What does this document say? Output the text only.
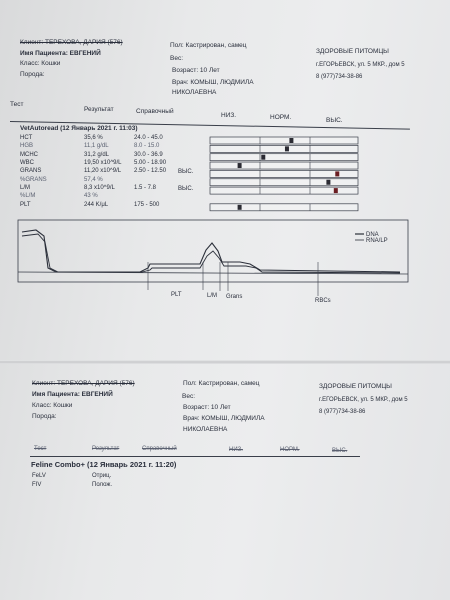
Клиент: ТЕРЕХОВА, ДАРИЯ (576)
Имя Пациента: ЕВГЕНИЙ
Класс: Кошки
Порода:
Пол: Кастрирован, самец
Вес:
Возраст: 10 Лет
Врач: КОМЫШ, ЛЮДМИЛА
НИКОЛАЕВНА
ЗДОРОВЫЕ ПИТОМЦЫ
г.ЕГОРЬЕВСК, ул. 5 МКР., дом 5
8 (977)734-38-86
Тест
Результат	Справочный
НИЗ.	НОРМ.	ВЫС.
VetAutoread (12 Январь 2021 г. 11:03)
HCT	35,6 %	24.0 - 45.0
HGB	11,1 g/dL	8.0 - 15.0
MCHC	31,2 g/dL	30.0 - 36.9
WBC	19,50 x10^9/L 5.00 - 18.90
GRANS	11,20 x10^9/L 2.50 - 12.50 ВЫС.
%GRANS	57,4 %
L/M	8,3 x10^9/L	1.5 - 7.8	ВЫС.
%L/M	43 %
PLT	244 K/μL	175 - 500
DNA
RNA/LP
PLT	L/M Grans
RBCs
Клиент: ТЕРЕХОВА, ДАРИЯ (576)
Имя Пациента: ЕВГЕНИЙ
Класс: Кошки
Порода:
Пол: Кастрирован, самец
Вес:
Возраст: 10 Лет
Врач: КОМЫШ, ЛЮДМИЛА
НИКОЛАЕВНА
ЗДОРОВЫЕ ПИТОМЦЫ
г.ЕГОРЬЕВСК, ул. 5 МКР., дом 5
8 (977)734-38-86
Тест	Результат	Справочный	НИЗ.	НОРМ.	ВЫС.
Feline Combo+ (12 Январь 2021 г. 11:20)
FeLV	Отриц.
FIV	Полож.
